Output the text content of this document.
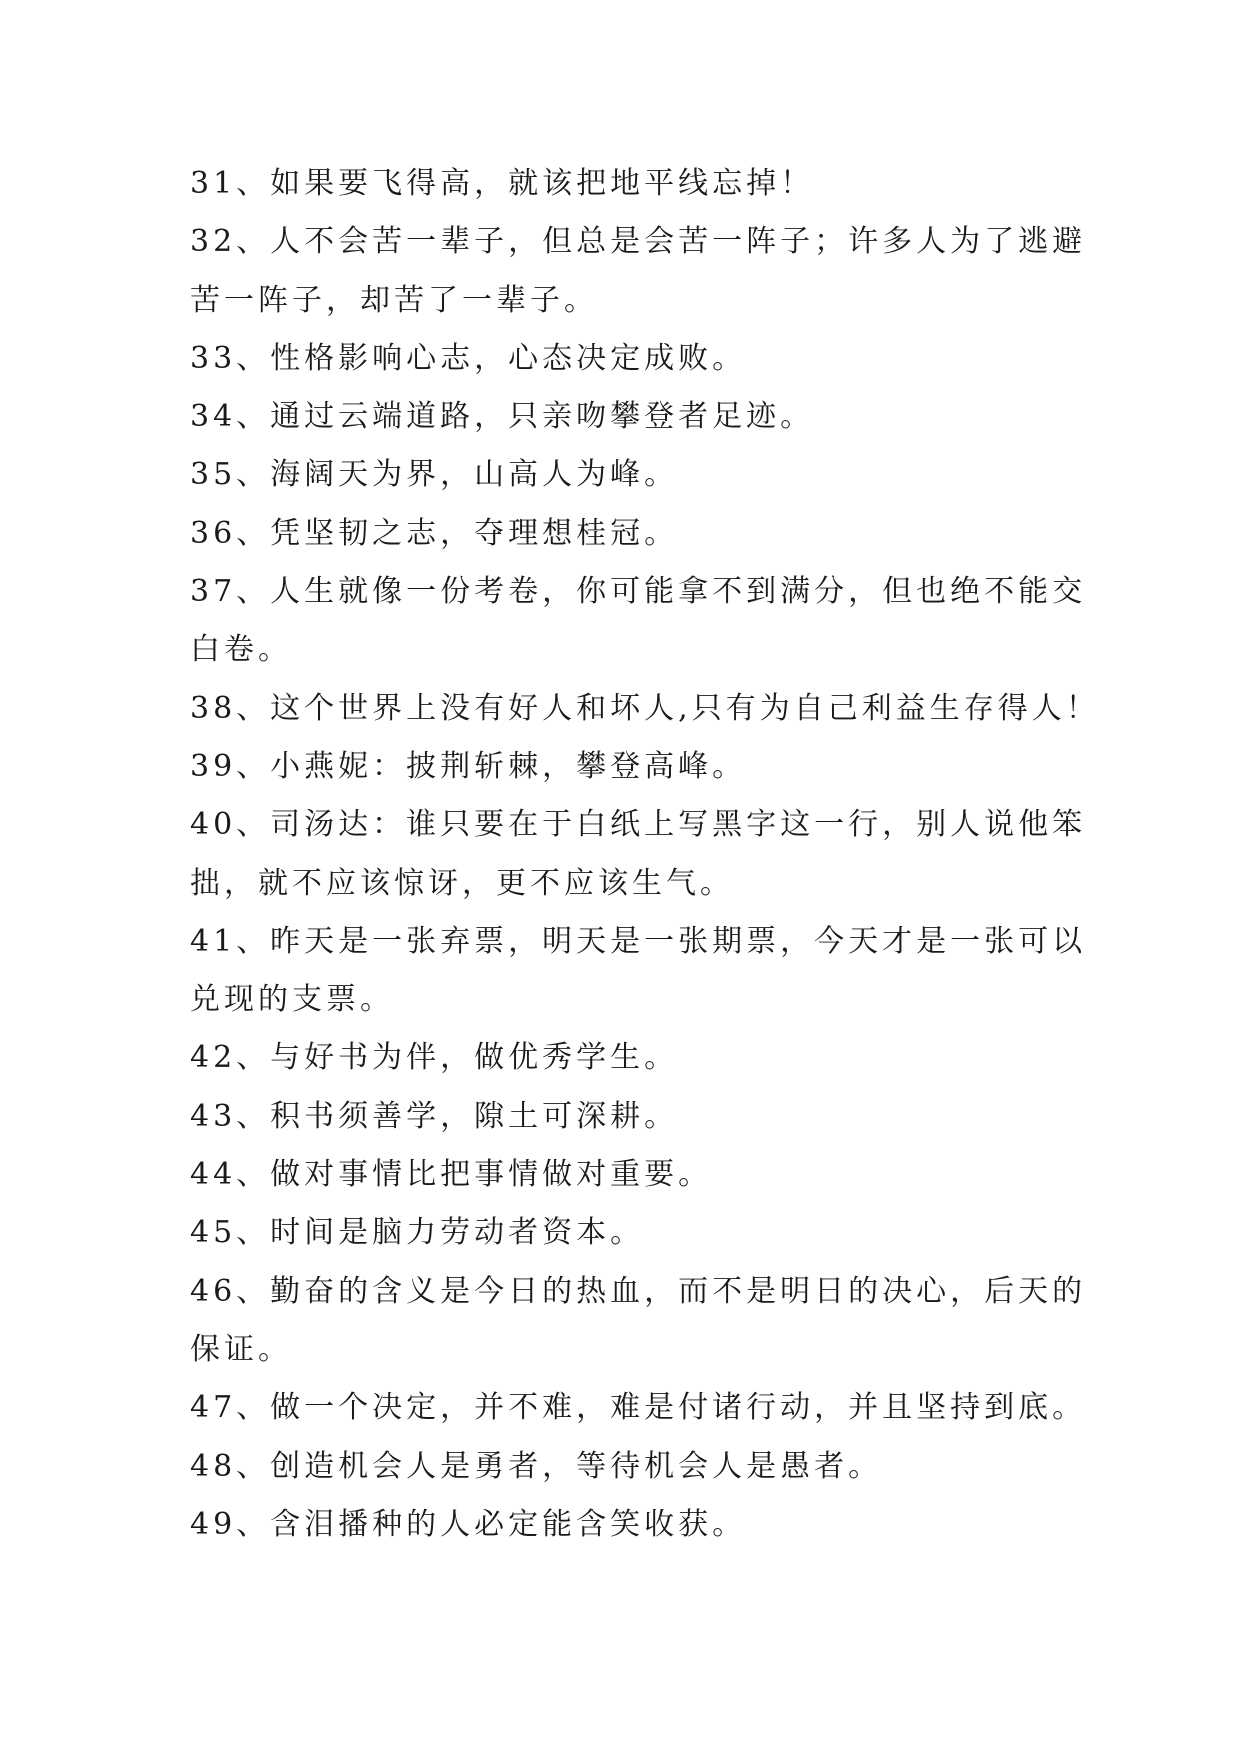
31、如果要飞得高，就该把地平线忘掉！
32、人不会苦一辈子，但总是会苦一阵子；许多人为了逃避
苦一阵子，却苦了一辈子。
33、性格影响心志，心态决定成败。
34、通过云端道路，只亲吻攀登者足迹。
35、海阔天为界，山高人为峰。
36、凭坚韧之志，夺理想桂冠。
37、人生就像一份考卷，你可能拿不到满分，但也绝不能交
白卷。
38、这个世界上没有好人和坏人,只有为自己利益生存得人！
39、小燕妮：披荆斩棘，攀登高峰。
40、司汤达：谁只要在于白纸上写黑字这一行，别人说他笨
拙，就不应该惊讶，更不应该生气。
41、昨天是一张弃票，明天是一张期票，今天才是一张可以
兑现的支票。
42、与好书为伴，做优秀学生。
43、积书须善学，隙土可深耕。
44、做对事情比把事情做对重要。
45、时间是脑力劳动者资本。
46、勤奋的含义是今日的热血，而不是明日的决心，后天的
保证。
47、做一个决定，并不难，难是付诸行动，并且坚持到底。
48、创造机会人是勇者，等待机会人是愚者。
49、含泪播种的人必定能含笑收获。
